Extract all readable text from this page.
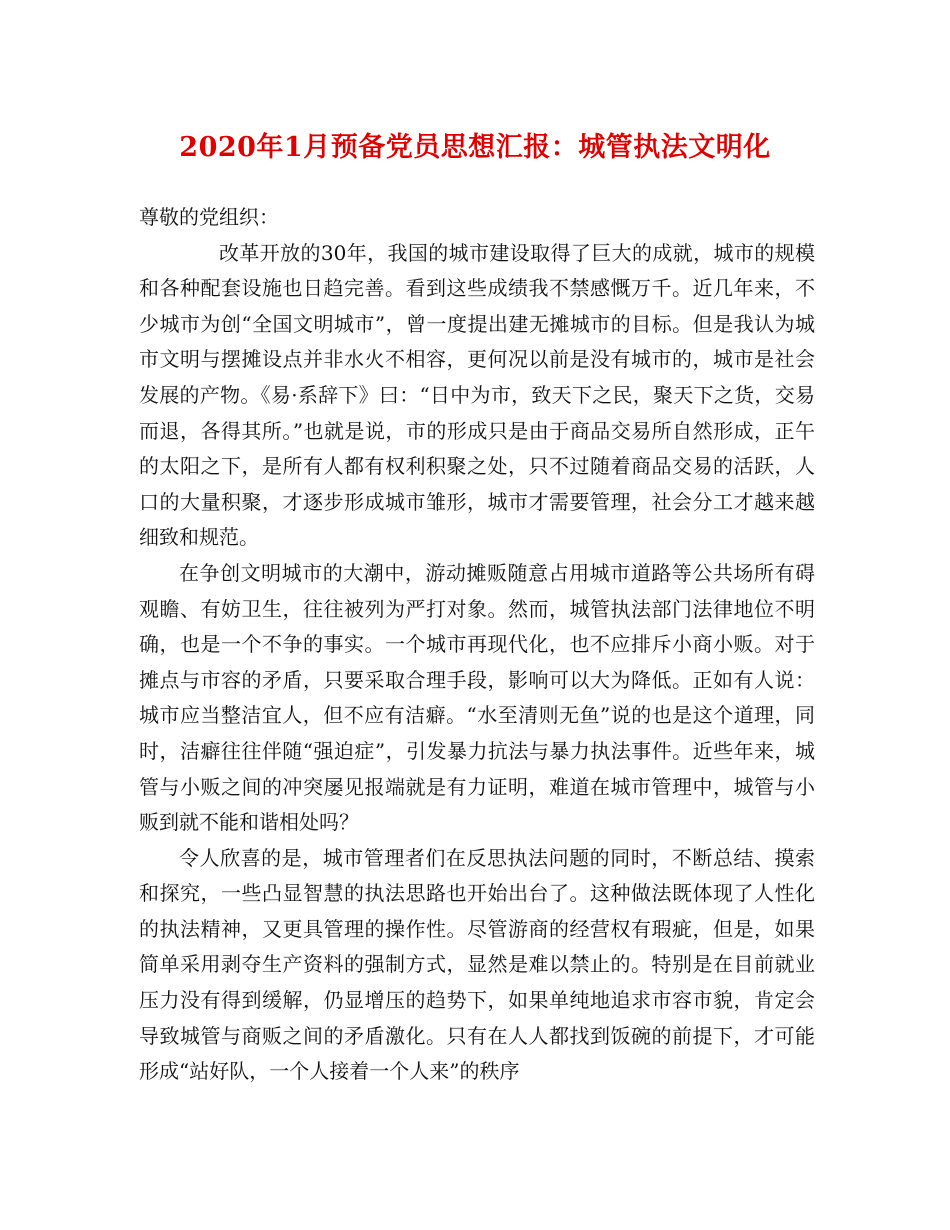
2020年1月预备党员思想汇报：城管执法文明化

尊敬的党组织：

改革开放的30年，我国的城市建设取得了巨大的成就，城市的规模和各种配套设施也日趋完善。看到这些成绩我不禁感慨万千。近几年来，不少城市为创“全国文明城市”，曾一度提出建无摊城市的目标。但是我认为城市文明与摆摊设点并非水火不相容，更何况以前是没有城市的，城市是社会发展的产物。《易·系辞下》曰：“日中为市，致天下之民，聚天下之货，交易而退，各得其所。”也就是说，市的形成只是由于商品交易所自然形成，正午的太阳之下，是所有人都有权利积聚之处，只不过随着商品交易的活跃，人口的大量积聚，才逐步形成城市雏形，城市才需要管理，社会分工才越来越细致和规范。

在争创文明城市的大潮中，游动摊贩随意占用城市道路等公共场所有碍观瞻、有妨卫生，往往被列为严打对象。然而，城管执法部门法律地位不明确，也是一个不争的事实。一个城市再现代化，也不应排斥小商小贩。对于摊点与市容的矛盾，只要采取合理手段，影响可以大为降低。正如有人说：城市应当整洁宜人，但不应有洁癖。“水至清则无鱼”说的也是这个道理，同时，洁癖往往伴随“强迫症”，引发暴力抗法与暴力执法事件。近些年来，城管与小贩之间的冲突屡见报端就是有力证明，难道在城市管理中，城管与小贩到就不能和谐相处吗？

令人欣喜的是，城市管理者们在反思执法问题的同时，不断总结、摸索和探究，一些凸显智慧的执法思路也开始出台了。这种做法既体现了人性化的执法精神，又更具管理的操作性。尽管游商的经营权有瑕疵，但是，如果简单采用剥夺生产资料的强制方式，显然是难以禁止的。特别是在目前就业压力没有得到缓解，仍显增压的趋势下，如果单纯地追求市容市貌，肯定会导致城管与商贩之间的矛盾激化。只有在人人都找到饭碗的前提下，才可能形成“站好队，一个人接着一个人来”的秩序
